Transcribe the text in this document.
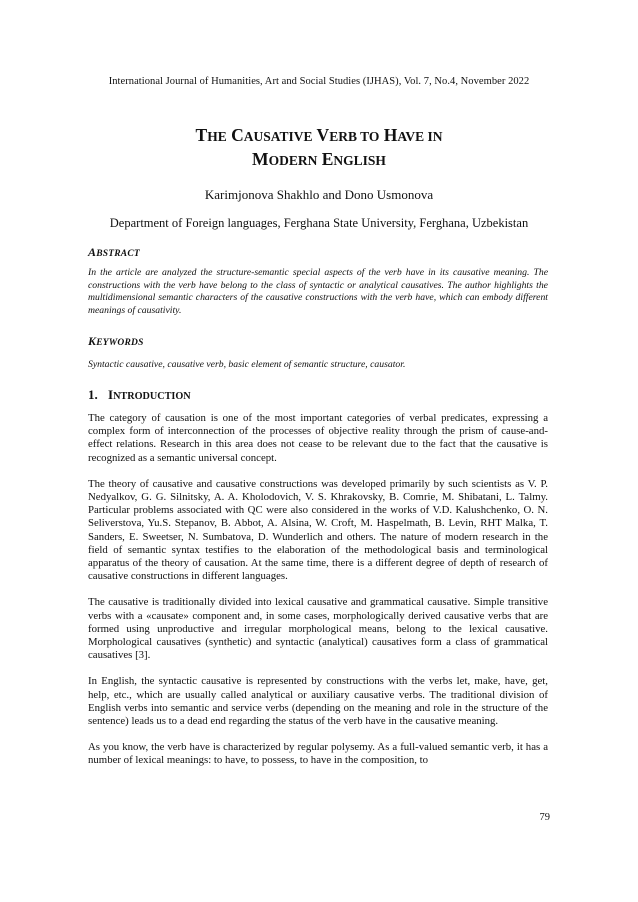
International Journal of Humanities, Art and Social Studies (IJHAS), Vol. 7, No.4, November 2022
THE CAUSATIVE VERB TO HAVE IN
MODERN ENGLISH
Karimjonova Shakhlo and Dono Usmonova
Department of Foreign languages, Ferghana State University, Ferghana, Uzbekistan
ABSTRACT
In the article are analyzed the structure-semantic special aspects of the verb have in its causative meaning. The constructions with the verb have belong to the class of syntactic or analytical causatives. The author highlights the multidimensional semantic characters of the causative constructions with the verb have, which can embody different meanings of causativity.
KEYWORDS
Syntactic causative, causative verb, basic element of semantic structure, causator.
1. INTRODUCTION

The category of causation is one of the most important categories of verbal predicates, expressing a complex form of interconnection of the processes of objective reality through the prism of cause-and-effect relations. Research in this area does not cease to be relevant due to the fact that the causative is recognized as a semantic universal concept.

The theory of causative and causative constructions was developed primarily by such scientists as V. P. Nedyalkov, G. G. Silnitsky, A. A. Kholodovich, V. S. Khrakovsky, B. Comrie, M. Shibatani, L. Talmy. Particular problems associated with QC were also considered in the works of V.D. Kalushchenko, O. N. Seliverstova, Yu.S. Stepanov, B. Abbot, A. Alsina, W. Croft, M. Haspelmath, B. Levin, RHT Malka, T. Sanders, E. Sweetser, N. Sumbatova, D. Wunderlich and others. The nature of modern research in the field of semantic syntax testifies to the elaboration of the methodological basis and terminological apparatus of the theory of causation. At the same time, there is a different degree of depth of research of causative constructions in different languages.

The causative is traditionally divided into lexical causative and grammatical causative. Simple transitive verbs with a «causate» component and, in some cases, morphologically derived causative verbs that are formed using unproductive and irregular morphological means, belong to the lexical causative. Morphological causatives (synthetic) and syntactic (analytical) causatives form a class of grammatical causatives [3].

In English, the syntactic causative is represented by constructions with the verbs let, make, have, get, help, etc., which are usually called analytical or auxiliary causative verbs. The traditional division of English verbs into semantic and service verbs (depending on the meaning and role in the structure of the sentence) leads us to a dead end regarding the status of the verb have in the causative meaning.

As you know, the verb have is characterized by regular polysemy. As a full-valued semantic verb, it has a number of lexical meanings: to have, to possess, to have in the composition, to

79
